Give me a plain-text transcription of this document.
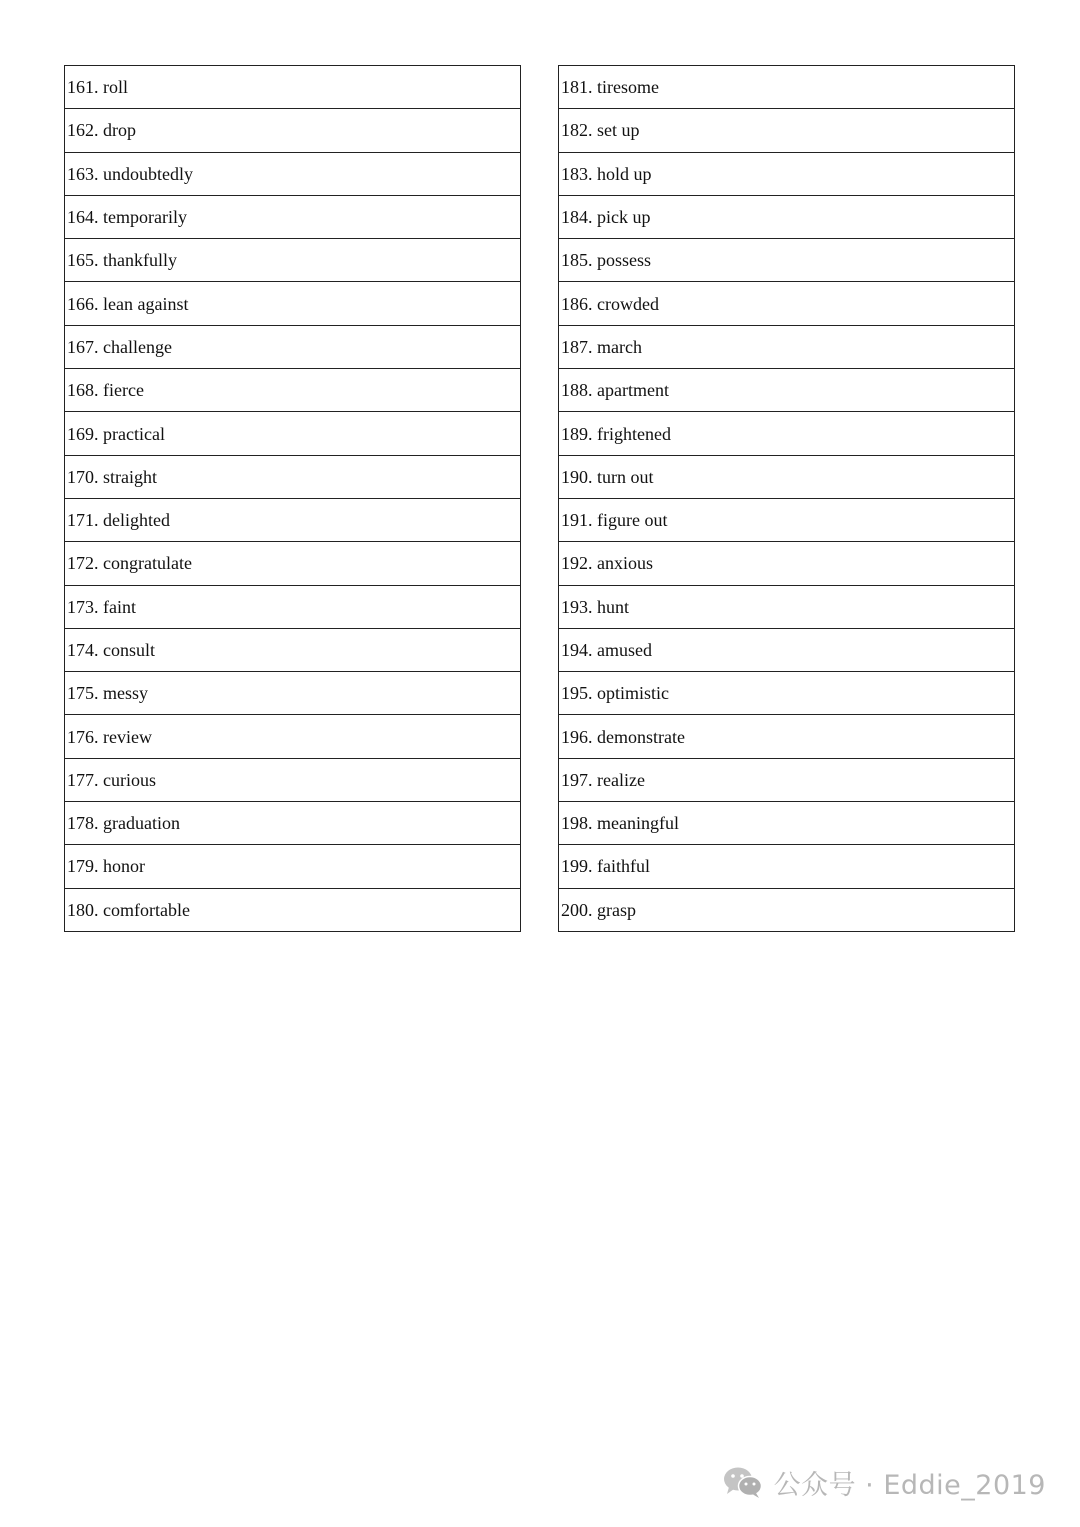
161. roll
162. drop
163. undoubtedly
164. temporarily
165. thankfully
166. lean against
167. challenge
168. fierce
169. practical
170. straight
171. delighted
172. congratulate
173. faint
174. consult
175. messy
176. review
177. curious
178. graduation
179. honor
180. comfortable
181. tiresome
182. set up
183. hold up
184. pick up
185. possess
186. crowded
187. march
188. apartment
189. frightened
190. turn out
191. figure out
192. anxious
193. hunt
194. amused
195. optimistic
196. demonstrate
197. realize
198. meaningful
199. faithful
200. grasp
公众号 · Eddie_2019
